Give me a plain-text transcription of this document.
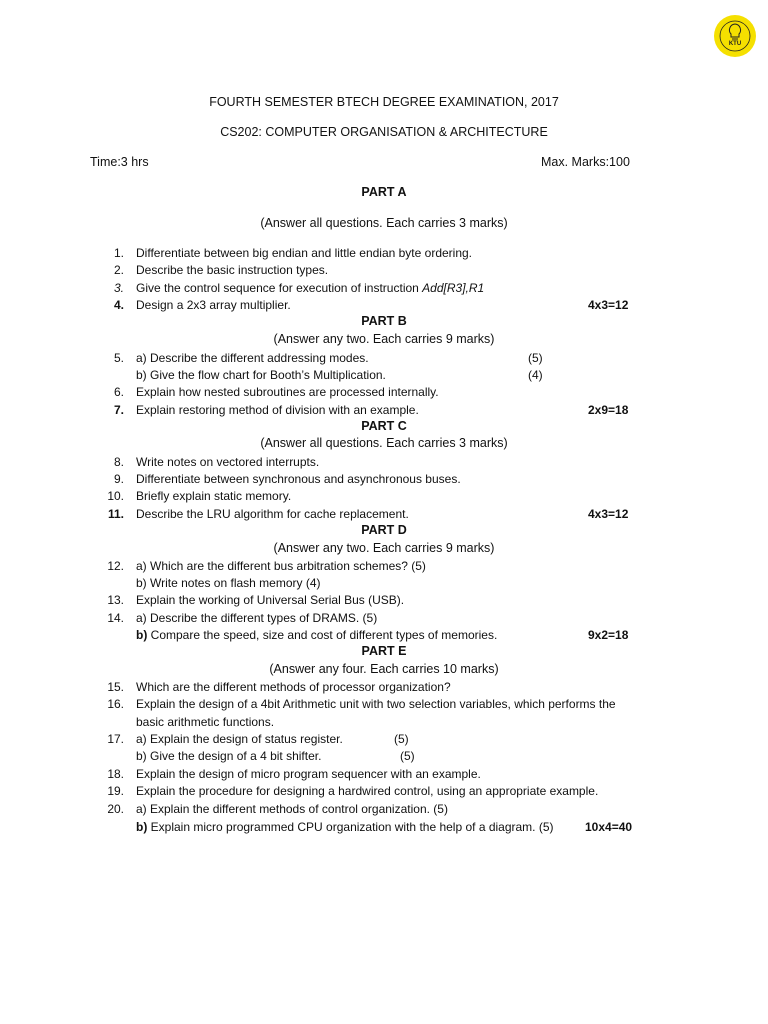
KTU
FOURTH SEMESTER BTECH DEGREE EXAMINATION, 2017
CS202: COMPUTER ORGANISATION & ARCHITECTURE
Time:3 hrs	Max. Marks:100
PART A
(Answer all questions. Each carries 3 marks)
1. Differentiate between big endian and little endian byte ordering.
2. Describe the basic instruction types.
3. Give the control sequence for execution of instruction Add[R3],R1
4. Design a 2x3 array multiplier.	4x3=12
PART B
(Answer any two. Each carries 9 marks)
5. a) Describe the different addressing modes.	(5)
b) Give the flow chart for Booth’s Multiplication.	(4)
6. Explain how nested subroutines are processed internally.
7. Explain restoring method of division with an example.	2x9=18
PART C
(Answer all questions. Each carries 3 marks)
8. Write notes on vectored interrupts.
9. Differentiate between synchronous and asynchronous buses.
10. Briefly explain static memory.
11. Describe the LRU algorithm for cache replacement.	4x3=12
PART D
(Answer any two. Each carries 9 marks)
12. a) Which are the different bus arbitration schemes? (5)
b) Write notes on flash memory (4)
13. Explain the working of Universal Serial Bus (USB).
14. a) Describe the different types of DRAMS. (5)
b) Compare the speed, size and cost of different types of memories.	9x2=18
PART E
(Answer any four. Each carries 10 marks)
15. Which are the different methods of processor organization?
16. Explain the design of a 4bit Arithmetic unit with two selection variables, which performs the
basic arithmetic functions.
17. a) Explain the design of status register.	(5)
b) Give the design of a 4 bit shifter.	(5)
18. Explain the design of micro program sequencer with an example.
19. Explain the procedure for designing a hardwired control, using an appropriate example.
20. a) Explain the different methods of control organization. (5)
b) Explain micro programmed CPU organization with the help of a diagram. (5)	10x4=40
